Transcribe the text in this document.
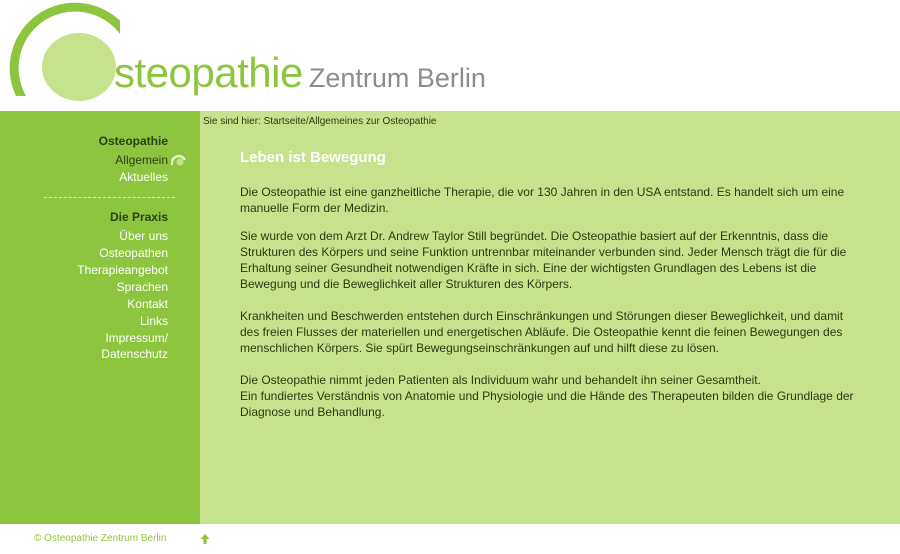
steopathie Zentrum Berlin
Osteopathie
Allgemein
Aktuelles
Die Praxis
Über uns
Osteopathen
Therapieangebot
Sprachen
Kontakt
Links
Impressum/
Datenschutz
Sie sind hier: Startseite/Allgemeines zur Osteopathie
Leben ist Bewegung

Die Osteopathie ist eine ganzheitliche Therapie, die vor 130 Jahren in den USA entstand. Es handelt sich um eine manuelle Form der Medizin.

Sie wurde von dem Arzt Dr. Andrew Taylor Still begründet. Die Osteopathie basiert auf der Erkenntnis, dass die Strukturen des Körpers und seine Funktion untrennbar miteinander verbunden sind. Jeder Mensch trägt die für die Erhaltung seiner Gesundheit notwendigen Kräfte in sich. Eine der wichtigsten Grundlagen des Lebens ist die Bewegung und die Beweglichkeit aller Strukturen des Körpers.

Krankheiten und Beschwerden entstehen durch Einschränkungen und Störungen dieser Beweglichkeit, und damit des freien Flusses der materiellen und energetischen Abläufe. Die Osteopathie kennt die feinen Bewegungen des menschlichen Körpers. Sie spürt Bewegungseinschränkungen auf und hilft diese zu lösen.

Die Osteopathie nimmt jeden Patienten als Individuum wahr und behandelt ihn seiner Gesamtheit.

Ein fundiertes Verständnis von Anatomie und Physiologie und die Hände des Therapeuten bilden die Grundlage der Diagnose und Behandlung.

© Osteopathie Zentrum Berlin
